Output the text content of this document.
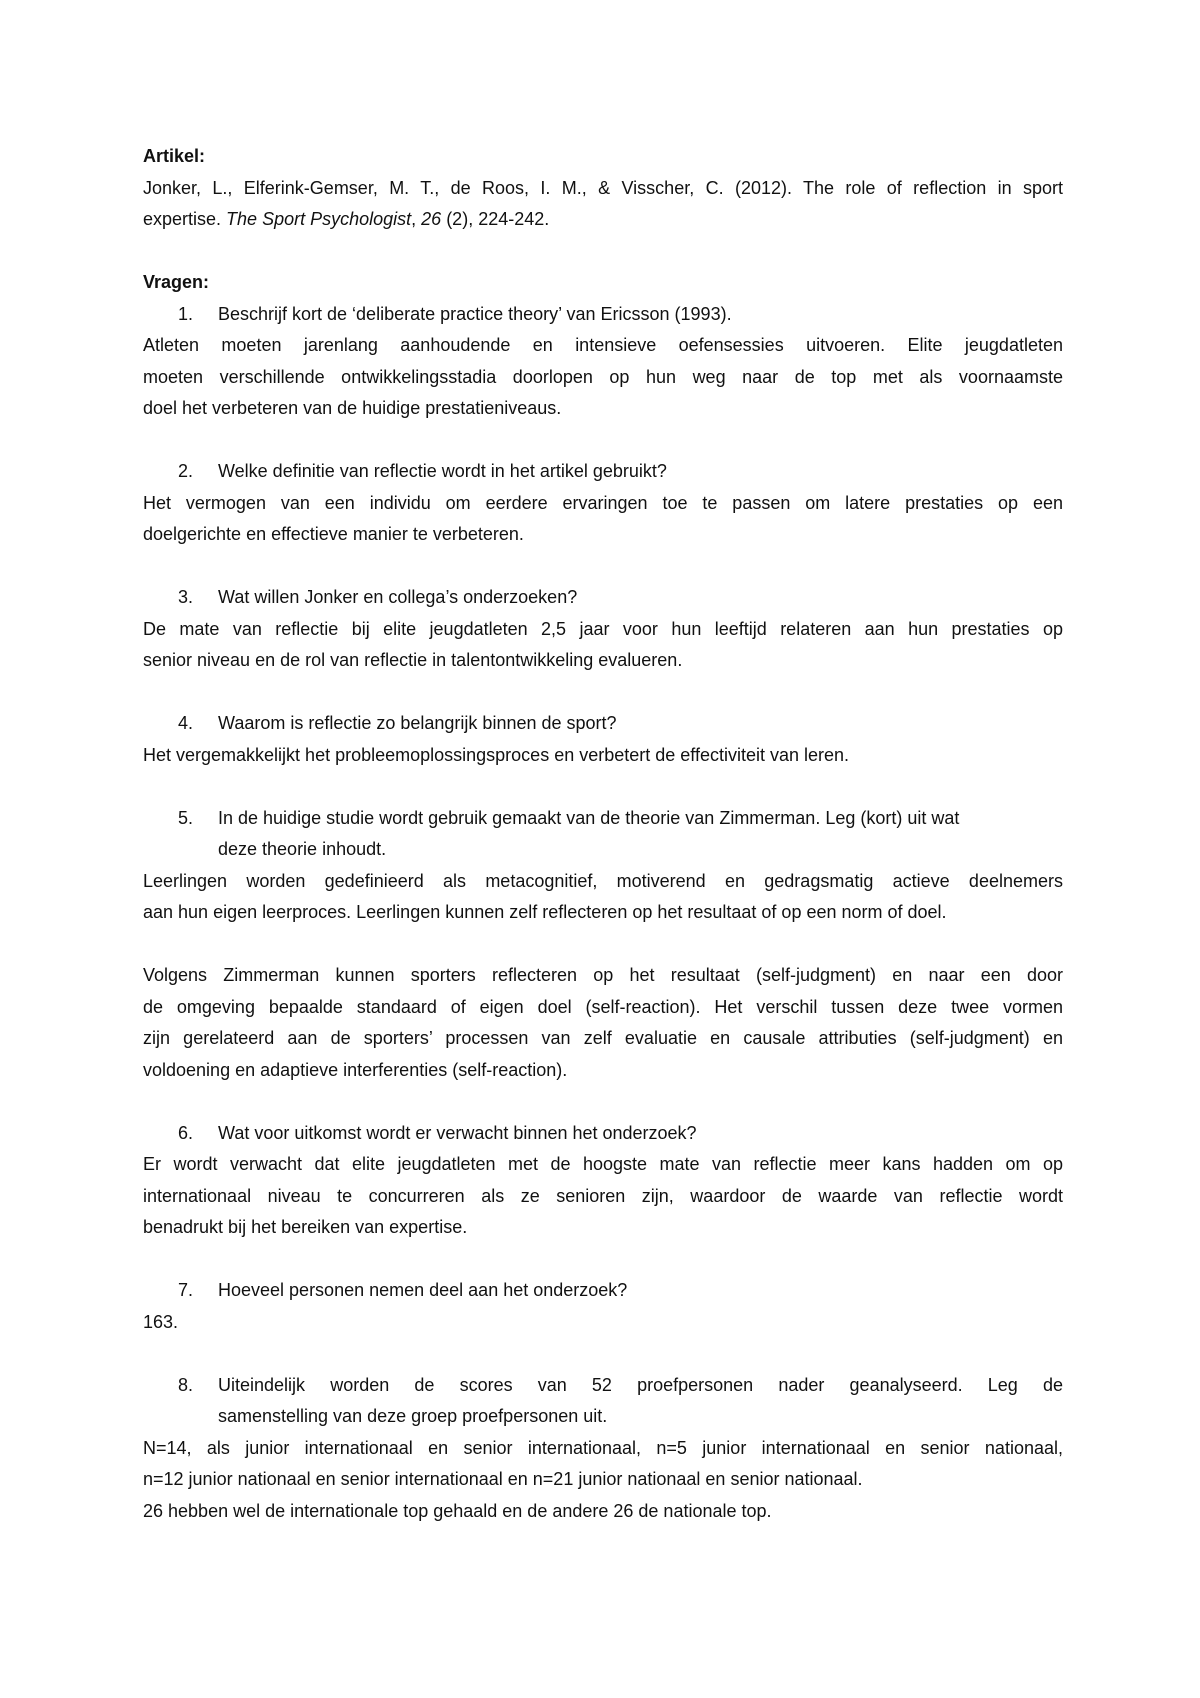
Artikel:
Jonker, L., Elferink-Gemser, M. T., de Roos, I. M., & Visscher, C. (2012). The role of reflection in sport
expertise. The Sport Psychologist, 26 (2), 224-242.
Vragen:
1. Beschrijf kort de ‘deliberate practice theory’ van Ericsson (1993).
Atleten moeten jarenlang aanhoudende en intensieve oefensessies uitvoeren. Elite jeugdatleten
moeten verschillende ontwikkelingsstadia doorlopen op hun weg naar de top met als voornaamste
doel het verbeteren van de huidige prestatieniveaus.
2. Welke definitie van reflectie wordt in het artikel gebruikt?
Het vermogen van een individu om eerdere ervaringen toe te passen om latere prestaties op een
doelgerichte en effectieve manier te verbeteren.
3. Wat willen Jonker en collega’s onderzoeken?
De mate van reflectie bij elite jeugdatleten 2,5 jaar voor hun leeftijd relateren aan hun prestaties op
senior niveau en de rol van reflectie in talentontwikkeling evalueren.
4. Waarom is reflectie zo belangrijk binnen de sport?
Het vergemakkelijkt het probleemoplossingsproces en verbetert de effectiviteit van leren.
5. In de huidige studie wordt gebruik gemaakt van de theorie van Zimmerman. Leg (kort) uit wat
deze theorie inhoudt.
Leerlingen worden gedefinieerd als metacognitief, motiverend en gedragsmatig actieve deelnemers
aan hun eigen leerproces. Leerlingen kunnen zelf reflecteren op het resultaat of op een norm of doel.
Volgens Zimmerman kunnen sporters reflecteren op het resultaat (self-judgment) en naar een door
de omgeving bepaalde standaard of eigen doel (self-reaction). Het verschil tussen deze twee vormen
zijn gerelateerd aan de sporters’ processen van zelf evaluatie en causale attributies (self-judgment) en
voldoening en adaptieve interferenties (self-reaction).
6. Wat voor uitkomst wordt er verwacht binnen het onderzoek?
Er wordt verwacht dat elite jeugdatleten met de hoogste mate van reflectie meer kans hadden om op
internationaal niveau te concurreren als ze senioren zijn, waardoor de waarde van reflectie wordt
benadrukt bij het bereiken van expertise.
7. Hoeveel personen nemen deel aan het onderzoek?
163.
8. Uiteindelijk worden de scores van 52 proefpersonen nader geanalyseerd. Leg de
samenstelling van deze groep proefpersonen uit.
N=14, als junior internationaal en senior internationaal, n=5 junior internationaal en senior nationaal,
n=12 junior nationaal en senior internationaal en n=21 junior nationaal en senior nationaal.
26 hebben wel de internationale top gehaald en de andere 26 de nationale top.
